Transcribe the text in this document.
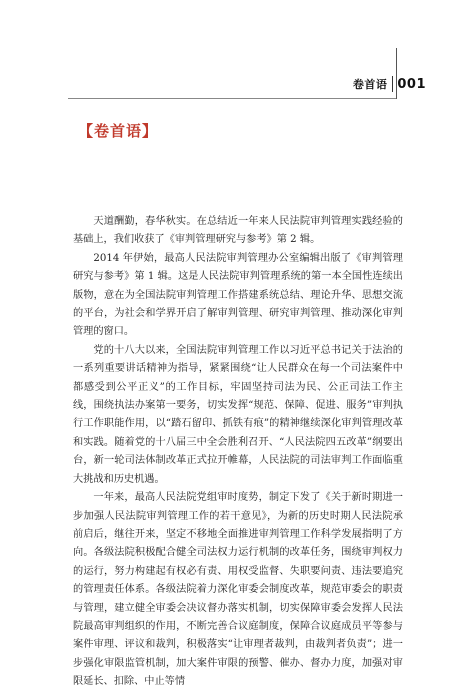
卷首语 001
【卷首语】

天道酬勤，春华秋实。在总结近一年来人民法院审判管理实践经验的基础上，我们收获了《审判管理研究与参考》第 2 辑。

2014 年伊始，最高人民法院审判管理办公室编辑出版了《审判管理研究与参考》第 1 辑。这是人民法院审判管理系统的第一本全国性连续出版物，意在为全国法院审判管理工作搭建系统总结、理论升华、思想交流的平台，为社会和学界开启了解审判管理、研究审判管理、推动深化审判管理的窗口。

党的十八大以来，全国法院审判管理工作以习近平总书记关于法治的一系列重要讲话精神为指导，紧紧围绕“让人民群众在每一个司法案件中都感受到公平正义”的工作目标，牢固坚持司法为民、公正司法工作主线，围绕执法办案第一要务，切实发挥“规范、保障、促进、服务”审判执行工作职能作用，以“踏石留印、抓铁有痕”的精神继续深化审判管理改革和实践。随着党的十八届三中全会胜利召开、“人民法院四五改革”纲要出台，新一轮司法体制改革正式拉开帷幕，人民法院的司法审判工作面临重大挑战和历史机遇。

一年来，最高人民法院党组审时度势，制定下发了《关于新时期进一步加强人民法院审判管理工作的若干意见》，为新的历史时期人民法院承前启后，继往开来，坚定不移地全面推进审判管理工作科学发展指明了方向。各级法院积极配合健全司法权力运行机制的改革任务，围绕审判权力的运行，努力构建起有权必有责、用权受监督、失职要问责、违法要追究的管理责任体系。各级法院着力深化审委会制度改革，规范审委会的职责与管理，建立健全审委会决议督办落实机制，切实保障审委会发挥人民法院最高审判组织的作用，不断完善合议庭制度，保障合议庭成员平等参与案件审理、评议和裁判，积极落实“让审理者裁判，由裁判者负责”；进一步强化审限监管机制，加大案件审限的预警、催办、督办力度，加强对审限延长、扣除、中止等情
